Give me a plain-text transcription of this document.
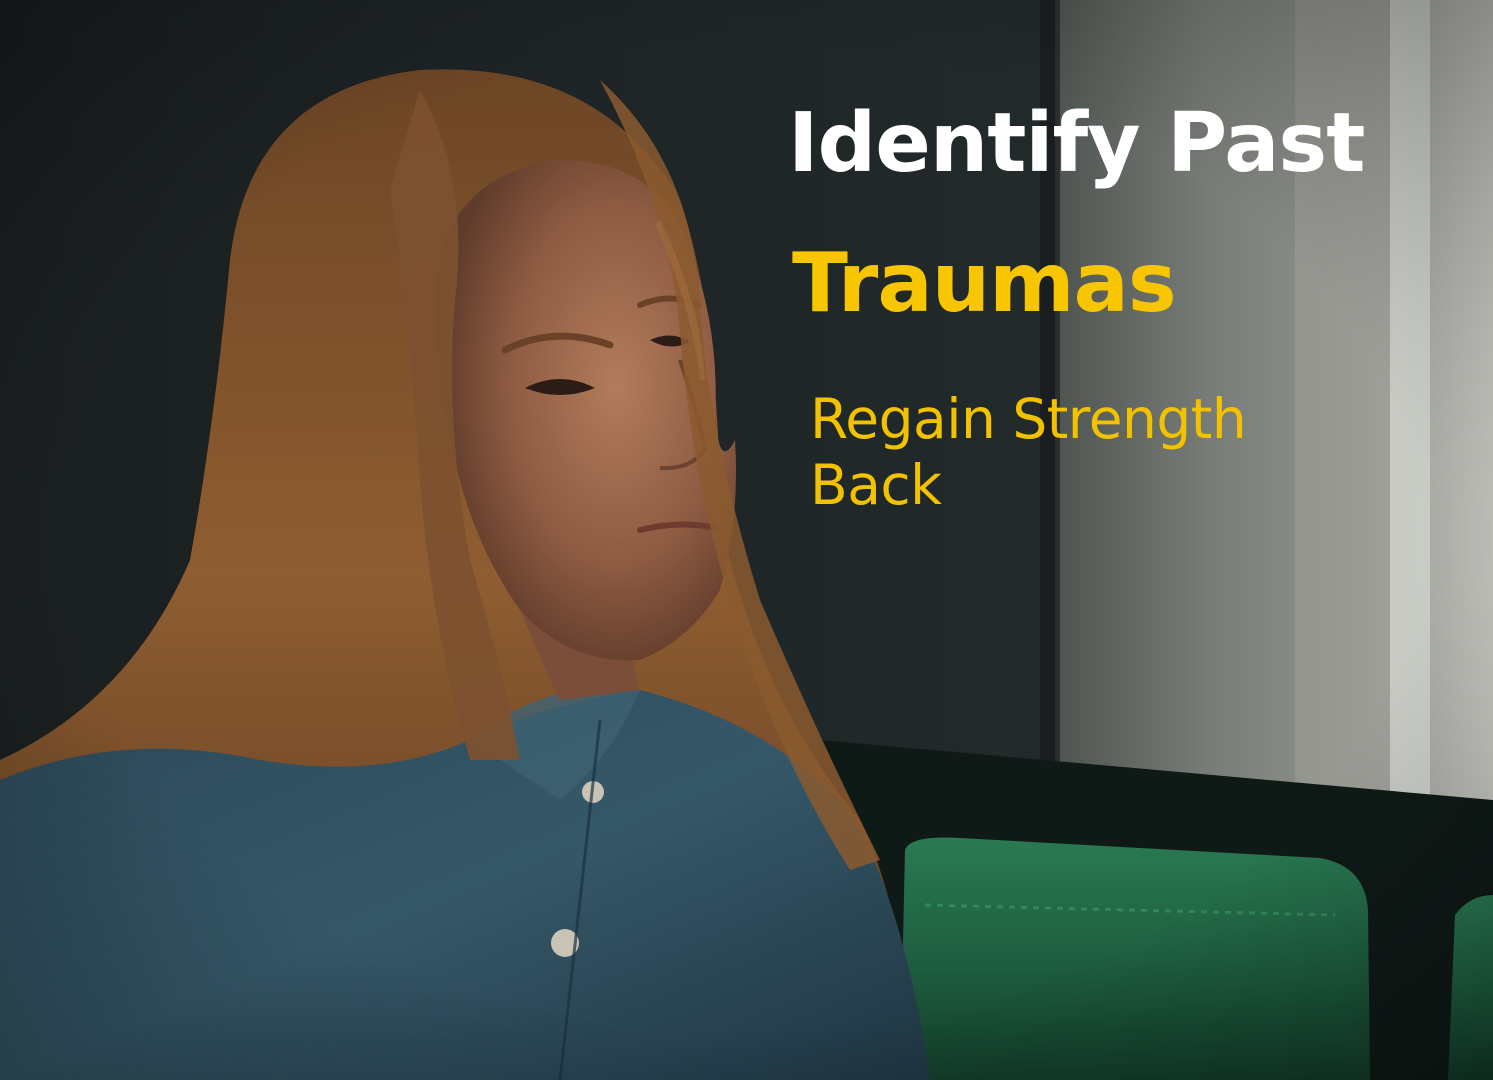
Identify Past
Traumas

Regain Strength
Back
